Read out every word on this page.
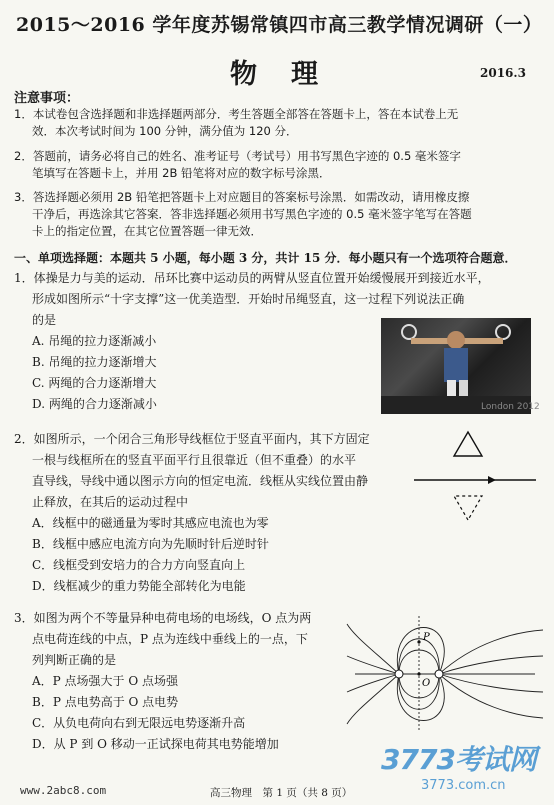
2015～2016 学年度苏锡常镇四市高三教学情况调研（一）
物理	2016.3
注意事项：
1．本试卷包含选择题和非选择题两部分．考生答题全部答在答题卡上，答在本试卷上无
效．本次考试时间为 100 分钟，满分值为 120 分．
2．答题前，请务必将自己的姓名、准考证号（考试号）用书写黑色字迹的 0.5 毫米签字
笔填写在答题卡上，并用 2B 铅笔将对应的数字标号涂黑．
3．答选择题必须用 2B 铅笔把答题卡上对应题目的答案标号涂黑．如需改动，请用橡皮擦
干净后，再选涂其它答案．答非选择题必须用书写黑色字迹的 0.5 毫米签字笔写在答题
卡上的指定位置，在其它位置答题一律无效．
一、单项选择题：本题共 5 小题，每小题 3 分，共计 15 分．每小题只有一个选项符合题意．
1．体操是力与美的运动．吊环比赛中运动员的两臂从竖直位置开始缓慢展开到接近水平，
形成如图所示“十字支撑”这一优美造型．开始时吊绳竖直，这一过程下列说法正确
的是
A. 吊绳的拉力逐渐减小
B. 吊绳的拉力逐渐增大
C. 两绳的合力逐渐增大
D. 两绳的合力逐渐减小	London 2012
2．如图所示，一个闭合三角形导线框位于竖直平面内，其下方固定
一根与线框所在的竖直平面平行且很靠近（但不重叠）的水平
直导线，导线中通以图示方向的恒定电流．线框从实线位置由静
止释放，在其后的运动过程中
A．线框中的磁通量为零时其感应电流也为零
B．线框中感应电流方向为先顺时针后逆时针
C．线框受到安培力的合力方向竖直向上
D．线框减少的重力势能全部转化为电能
3．如图为两个不等量异种电荷电场的电场线，O 点为两
点电荷连线的中点，P 点为连线中垂线上的一点，下
列判断正确的是
A．P 点场强大于 O 点场强
B．P 点电势高于 O 点电势
C．从负电荷向右到无限远电势逐渐升高
D．从 P 到 O 移动一正试探电荷其电势能增加
P
O
www.2abc8.com	高三物理　第 1 页（共 8 页）
3773考试网
3773.com.cn
